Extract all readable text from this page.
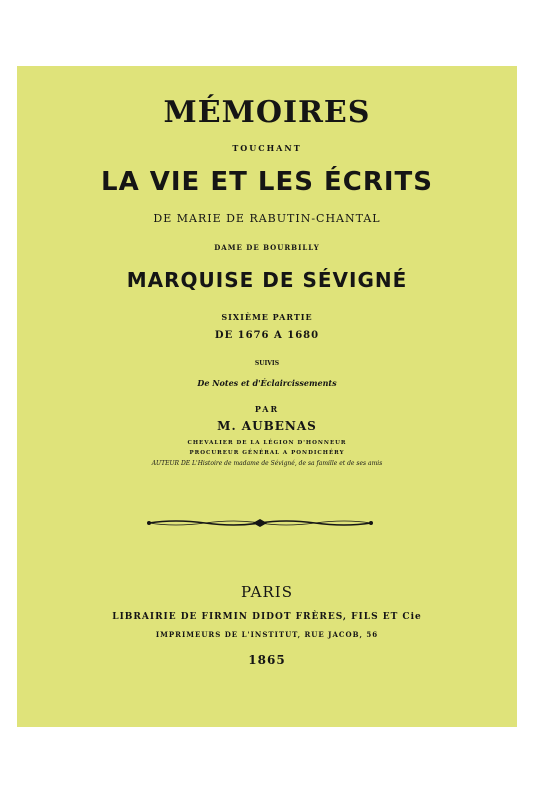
MÉMOIRES
TOUCHANT
LA VIE ET LES ÉCRITS
DE MARIE DE RABUTIN-CHANTAL
DAME DE BOURBILLY
MARQUISE DE SÉVIGNÉ
SIXIÈME PARTIE
DE 1676 A 1680
SUIVIS
De Notes et d'Éclaircissements
PAR
M. AUBENAS
CHEVALIER DE LA LÉGION D'HONNEUR
PROCUREUR GÉNÉRAL A PONDICHÉRY
AUTEUR DE L'Histoire de madame de Sévigné, de sa famille et de ses amis
PARIS
LIBRAIRIE DE FIRMIN DIDOT FRÈRES, FILS ET Cie
IMPRIMEURS DE L'INSTITUT, RUE JACOB, 56
1865
